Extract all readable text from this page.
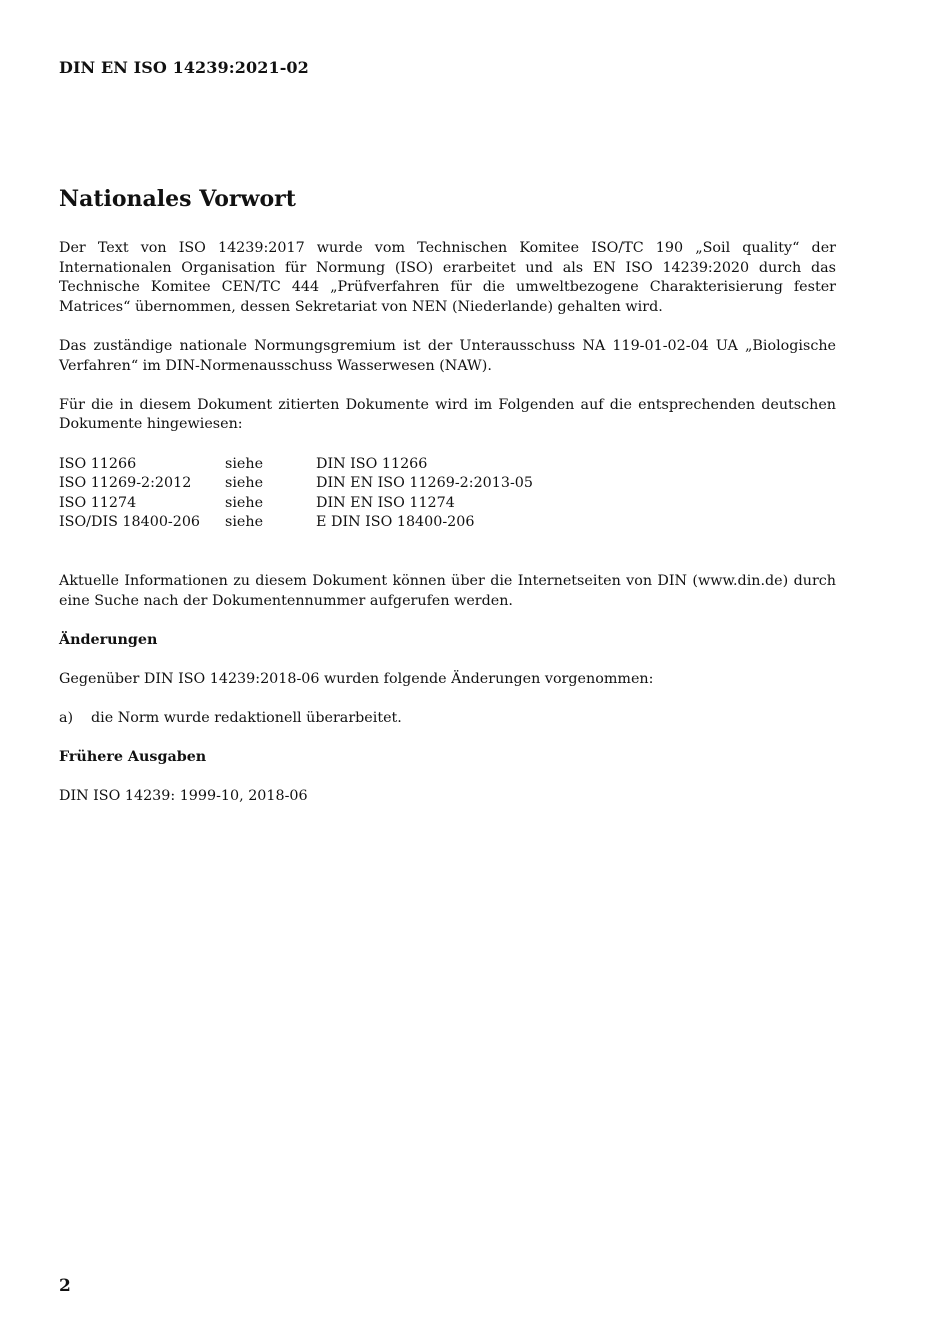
DIN EN ISO 14239:2021-02
Nationales Vorwort

Der Text von ISO 14239:2017 wurde vom Technischen Komitee ISO/TC 190 „Soil quality“ der Internationalen Organisation für Normung (ISO) erarbeitet und als EN ISO 14239:2020 durch das Technische Komitee CEN/TC 444 „Prüfverfahren für die umweltbezogene Charakterisierung fester Matrices“ übernommen, dessen Sekretariat von NEN (Niederlande) gehalten wird.

Das zuständige nationale Normungsgremium ist der Unterausschuss NA 119-01-02-04 UA „Biologische Verfahren“ im DIN-Normenausschuss Wasserwesen (NAW).

Für die in diesem Dokument zitierten Dokumente wird im Folgenden auf die entsprechenden deutschen Dokumente hingewiesen:

ISO 11266	siehe	DIN ISO 11266
ISO 11269-2:2012	siehe	DIN EN ISO 11269-2:2013-05
ISO 11274	siehe	DIN EN ISO 11274
ISO/DIS 18400-206	siehe	E DIN ISO 18400-206

Aktuelle Informationen zu diesem Dokument können über die Internetseiten von DIN (www.din.de) durch eine Suche nach der Dokumentennummer aufgerufen werden.

Änderungen

Gegenüber DIN ISO 14239:2018-06 wurden folgende Änderungen vorgenommen:

a)	die Norm wurde redaktionell überarbeitet.
Frühere Ausgaben

DIN ISO 14239: 1999-10, 2018-06

2
